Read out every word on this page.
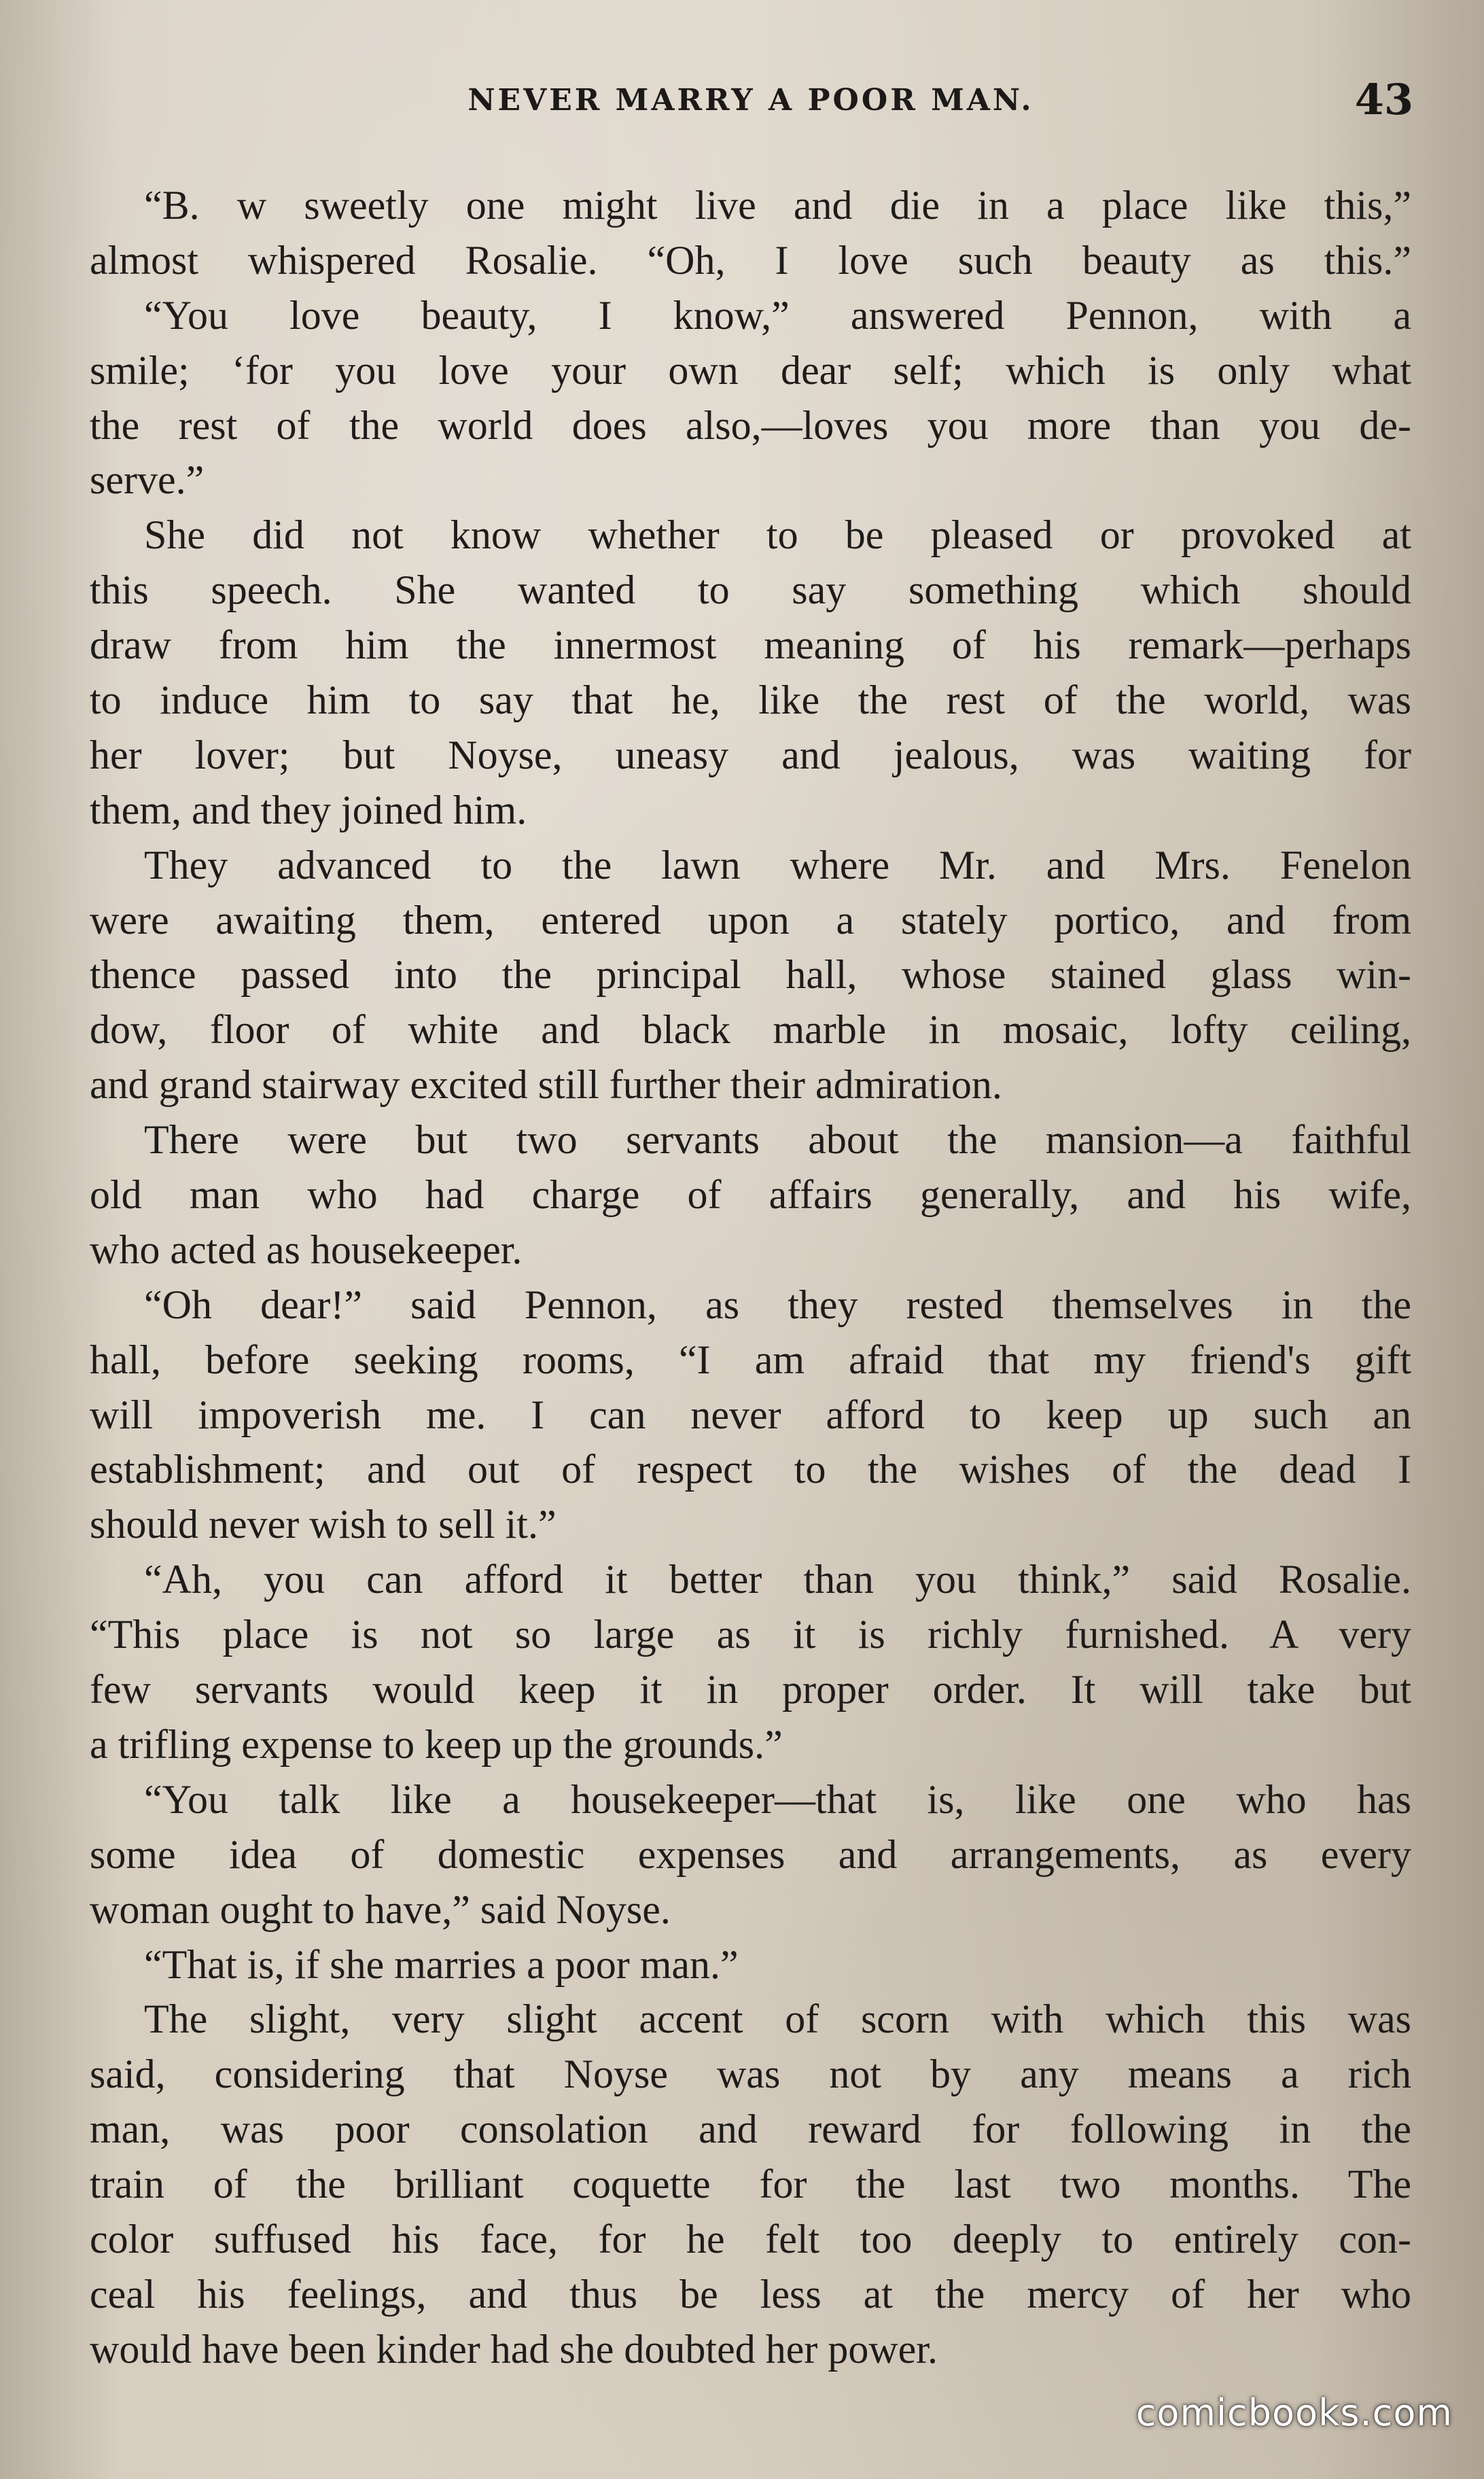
NEVER MARRY A POOR MAN.	43
“B. w sweetly one might live and die in a place like this,”
almost whispered Rosalie. “Oh, I love such beauty as this.”
“You love beauty, I know,” answered Pennon, with a
smile; ‘for you love your own dear self; which is only what
the rest of the world does also,—loves you more than you de-
serve.”
She did not know whether to be pleased or provoked at
this speech. She wanted to say something which should
draw from him the innermost meaning of his remark—perhaps
to induce him to say that he, like the rest of the world, was
her lover; but Noyse, uneasy and jealous, was waiting for
them, and they joined him.
They advanced to the lawn where Mr. and Mrs. Fenelon
were awaiting them, entered upon a stately portico, and from
thence passed into the principal hall, whose stained glass win-
dow, floor of white and black marble in mosaic, lofty ceiling,
and grand stairway excited still further their admiration.
There were but two servants about the mansion—a faithful
old man who had charge of affairs generally, and his wife,
who acted as housekeeper.
“Oh dear!” said Pennon, as they rested themselves in the
hall, before seeking rooms, “I am afraid that my friend's gift
will impoverish me. I can never afford to keep up such an
establishment; and out of respect to the wishes of the dead I
should never wish to sell it.”
“Ah, you can afford it better than you think,” said Rosalie.
“This place is not so large as it is richly furnished. A very
few servants would keep it in proper order. It will take but
a trifling expense to keep up the grounds.”
“You talk like a housekeeper—that is, like one who has
some idea of domestic expenses and arrangements, as every
woman ought to have,” said Noyse.
“That is, if she marries a poor man.”
The slight, very slight accent of scorn with which this was
said, considering that Noyse was not by any means a rich
man, was poor consolation and reward for following in the
train of the brilliant coquette for the last two months. The
color suffused his face, for he felt too deeply to entirely con-
ceal his feelings, and thus be less at the mercy of her who
would have been kinder had she doubted her power.
comicbooks.com
